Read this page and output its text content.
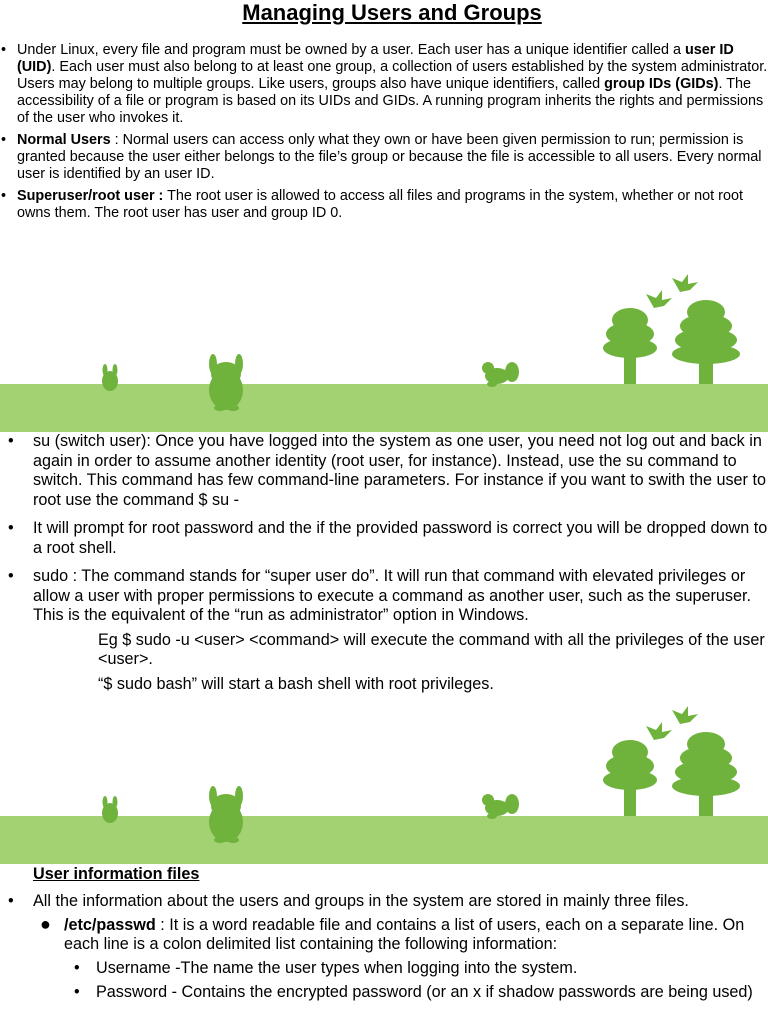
Managing Users and Groups
• Under Linux, every file and program must be owned by a user. Each user has a unique identifier called a user ID (UID). Each user must also belong to at least one group, a collection of users established by the system administrator. Users may belong to multiple groups. Like users, groups also have unique identifiers, called group IDs (GIDs). The accessibility of a file or program is based on its UIDs and GIDs. A running program inherits the rights and permissions of the user who invokes it.
• Normal Users : Normal users can access only what they own or have been given permission to run; permission is granted because the user either belongs to the file’s group or because the file is accessible to all users. Every normal user is identified by an user ID.
• Superuser/root user : The root user is allowed to access all files and programs in the system, whether or not root owns them. The root user has user and group ID 0.
• su (switch user): Once you have logged into the system as one user, you need not log out and back in again in order to assume another identity (root user, for instance). Instead, use the su command to switch. This command has few command-line parameters. For instance if you want to swith the user to root use the command $ su -
• It will prompt for root password and the if the provided password is correct you will be dropped down to a root shell.
• sudo : The command stands for “super user do”. It will run that command with elevated privileges or allow a user with proper permissions to execute a command as another user, such as the superuser. This is the equivalent of the “run as administrator” option in Windows.
Eg $ sudo -u <user> <command> will execute the command with all the privileges of the user <user>.
“$ sudo bash” will start a bash shell with root privileges.
User information files
• All the information about the users and groups in the system are stored in mainly three files.
● /etc/passwd : It is a word readable file and contains a list of users, each on a separate line. On each line is a colon delimited list containing the following information:
• Username -The name the user types when logging into the system.
• Password - Contains the encrypted password (or an x if shadow passwords are being used)
